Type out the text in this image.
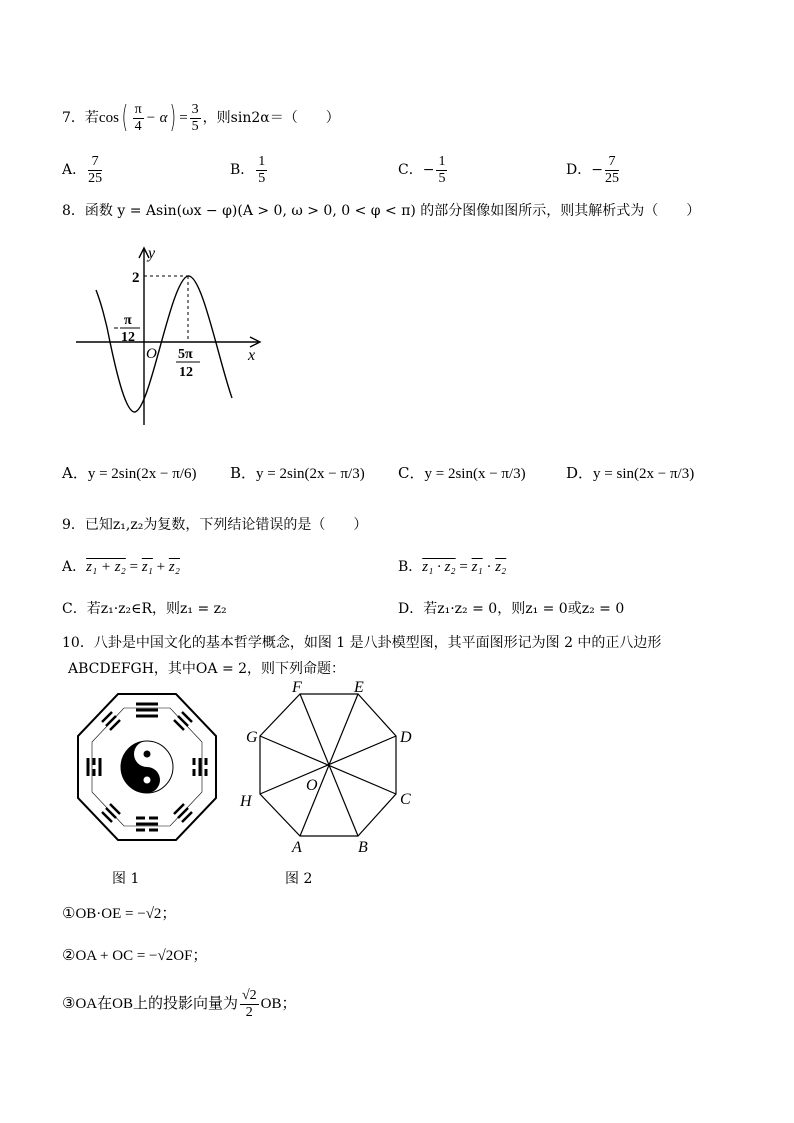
7．若$\cos( \frac{\pi}{4} - \alpha) = \frac{3}{5}$ ，则sin2α＝（　　）
A． $\frac{7}{25}$	B． $\frac{1}{5}$	C．− $\frac{1}{5}$	D．− $\frac{7}{25}$
8．函数 y = Asin(ωx − φ)(A > 0, ω > 0, 0 < φ < π) 的部分图像如图所示，则其解析式为（　　）
y
x
O
2
π
12
5π
12
A．y = 2sin(2x − π/6) B．y = 2sin(2x − π/3) C．y = 2sin(x − π/3)	D．y = sin(2x − π/3)
9．已知z₁,z₂为复数，下列结论错误的是（　　）
A．z₁ + z₂ = z₁ + z₂	B．z₁ · z₂ = z₁ · z₂
C．若z₁·z₂∈R，则z₁ = z₂	D．若z₁·z₂ = 0，则z₁ = 0或z₂ = 0
10．八卦是中国文化的基本哲学概念，如图 1 是八卦模型图，其平面图形记为图 2 中的正八边形
ABCDEFGH，其中OA = 2，则下列命题：
A	B
C
D
E
F
G
H
O
图 1	图 2
①OB·OE = −√2；
②OA + OC = −√2OF；
③OA在OB上的投影向量为 $\frac{√2}{2}$ OB；
